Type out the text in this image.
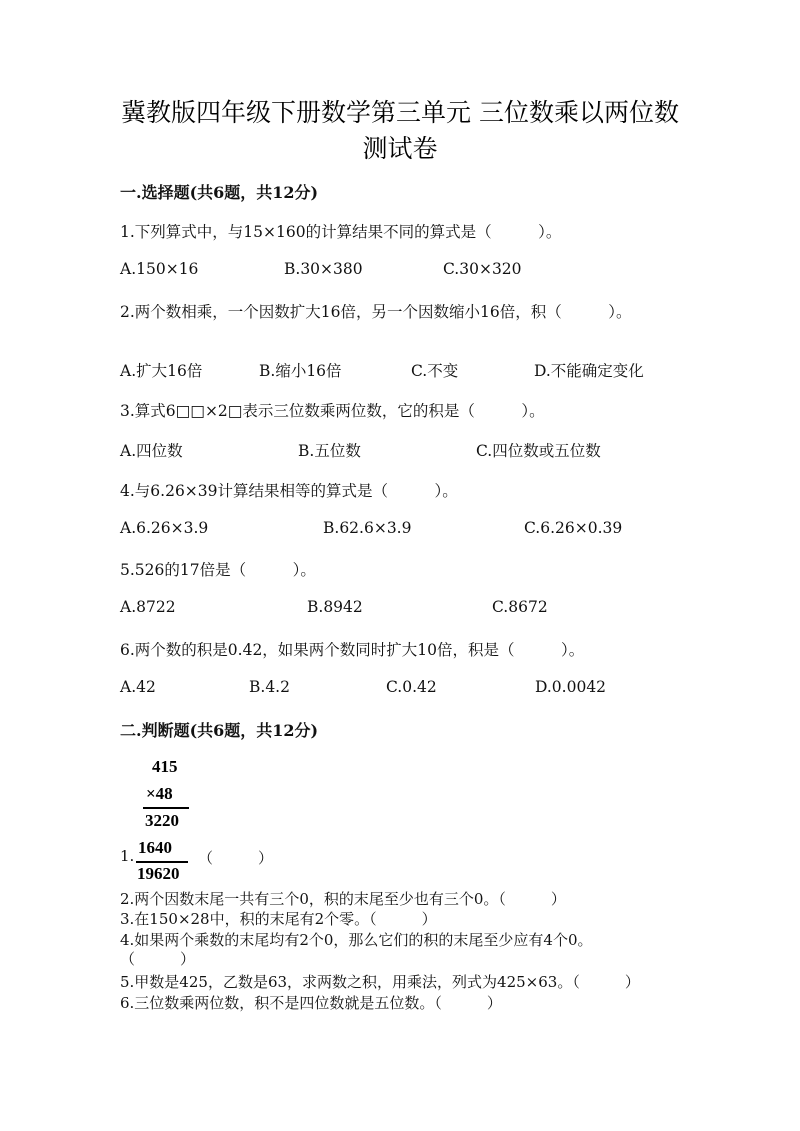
冀教版四年级下册数学第三单元 三位数乘以两位数
测试卷
一.选择题(共6题，共12分)
1.下列算式中，与15×160的计算结果不同的算式是（　　　）。
A.150×16	B.30×380	C.30×320
2.两个数相乘，一个因数扩大16倍，另一个因数缩小16倍，积（　　　）。
A.扩大16倍	B.缩小16倍	C.不变	D.不能确定变化
3.算式6□□×2□表示三位数乘两位数，它的积是（　　　）。
A.四位数	B.五位数	C.四位数或五位数
4.与6.26×39计算结果相等的算式是（　　　）。
A.6.26×3.9	B.62.6×3.9	C.6.26×0.39
5.526的17倍是（　　　）。
A.8722	B.8942	C.8672
6.两个数的积是0.42，如果两个数同时扩大10倍，积是（　　　）。
A.42	B.4.2	C.0.42	D.0.0042
二.判断题(共6题，共12分)
415
×48
3220
1640
19620
1.	（　　　）
2.两个因数末尾一共有三个0，积的末尾至少也有三个0。（　　　）
3.在150×28中，积的末尾有2个零。（　　　）
4.如果两个乘数的末尾均有2个0，那么它们的积的末尾至少应有4个0。
（　　　）
5.甲数是425，乙数是63，求两数之积，用乘法，列式为425×63。（　　　）
6.三位数乘两位数，积不是四位数就是五位数。（　　　）
